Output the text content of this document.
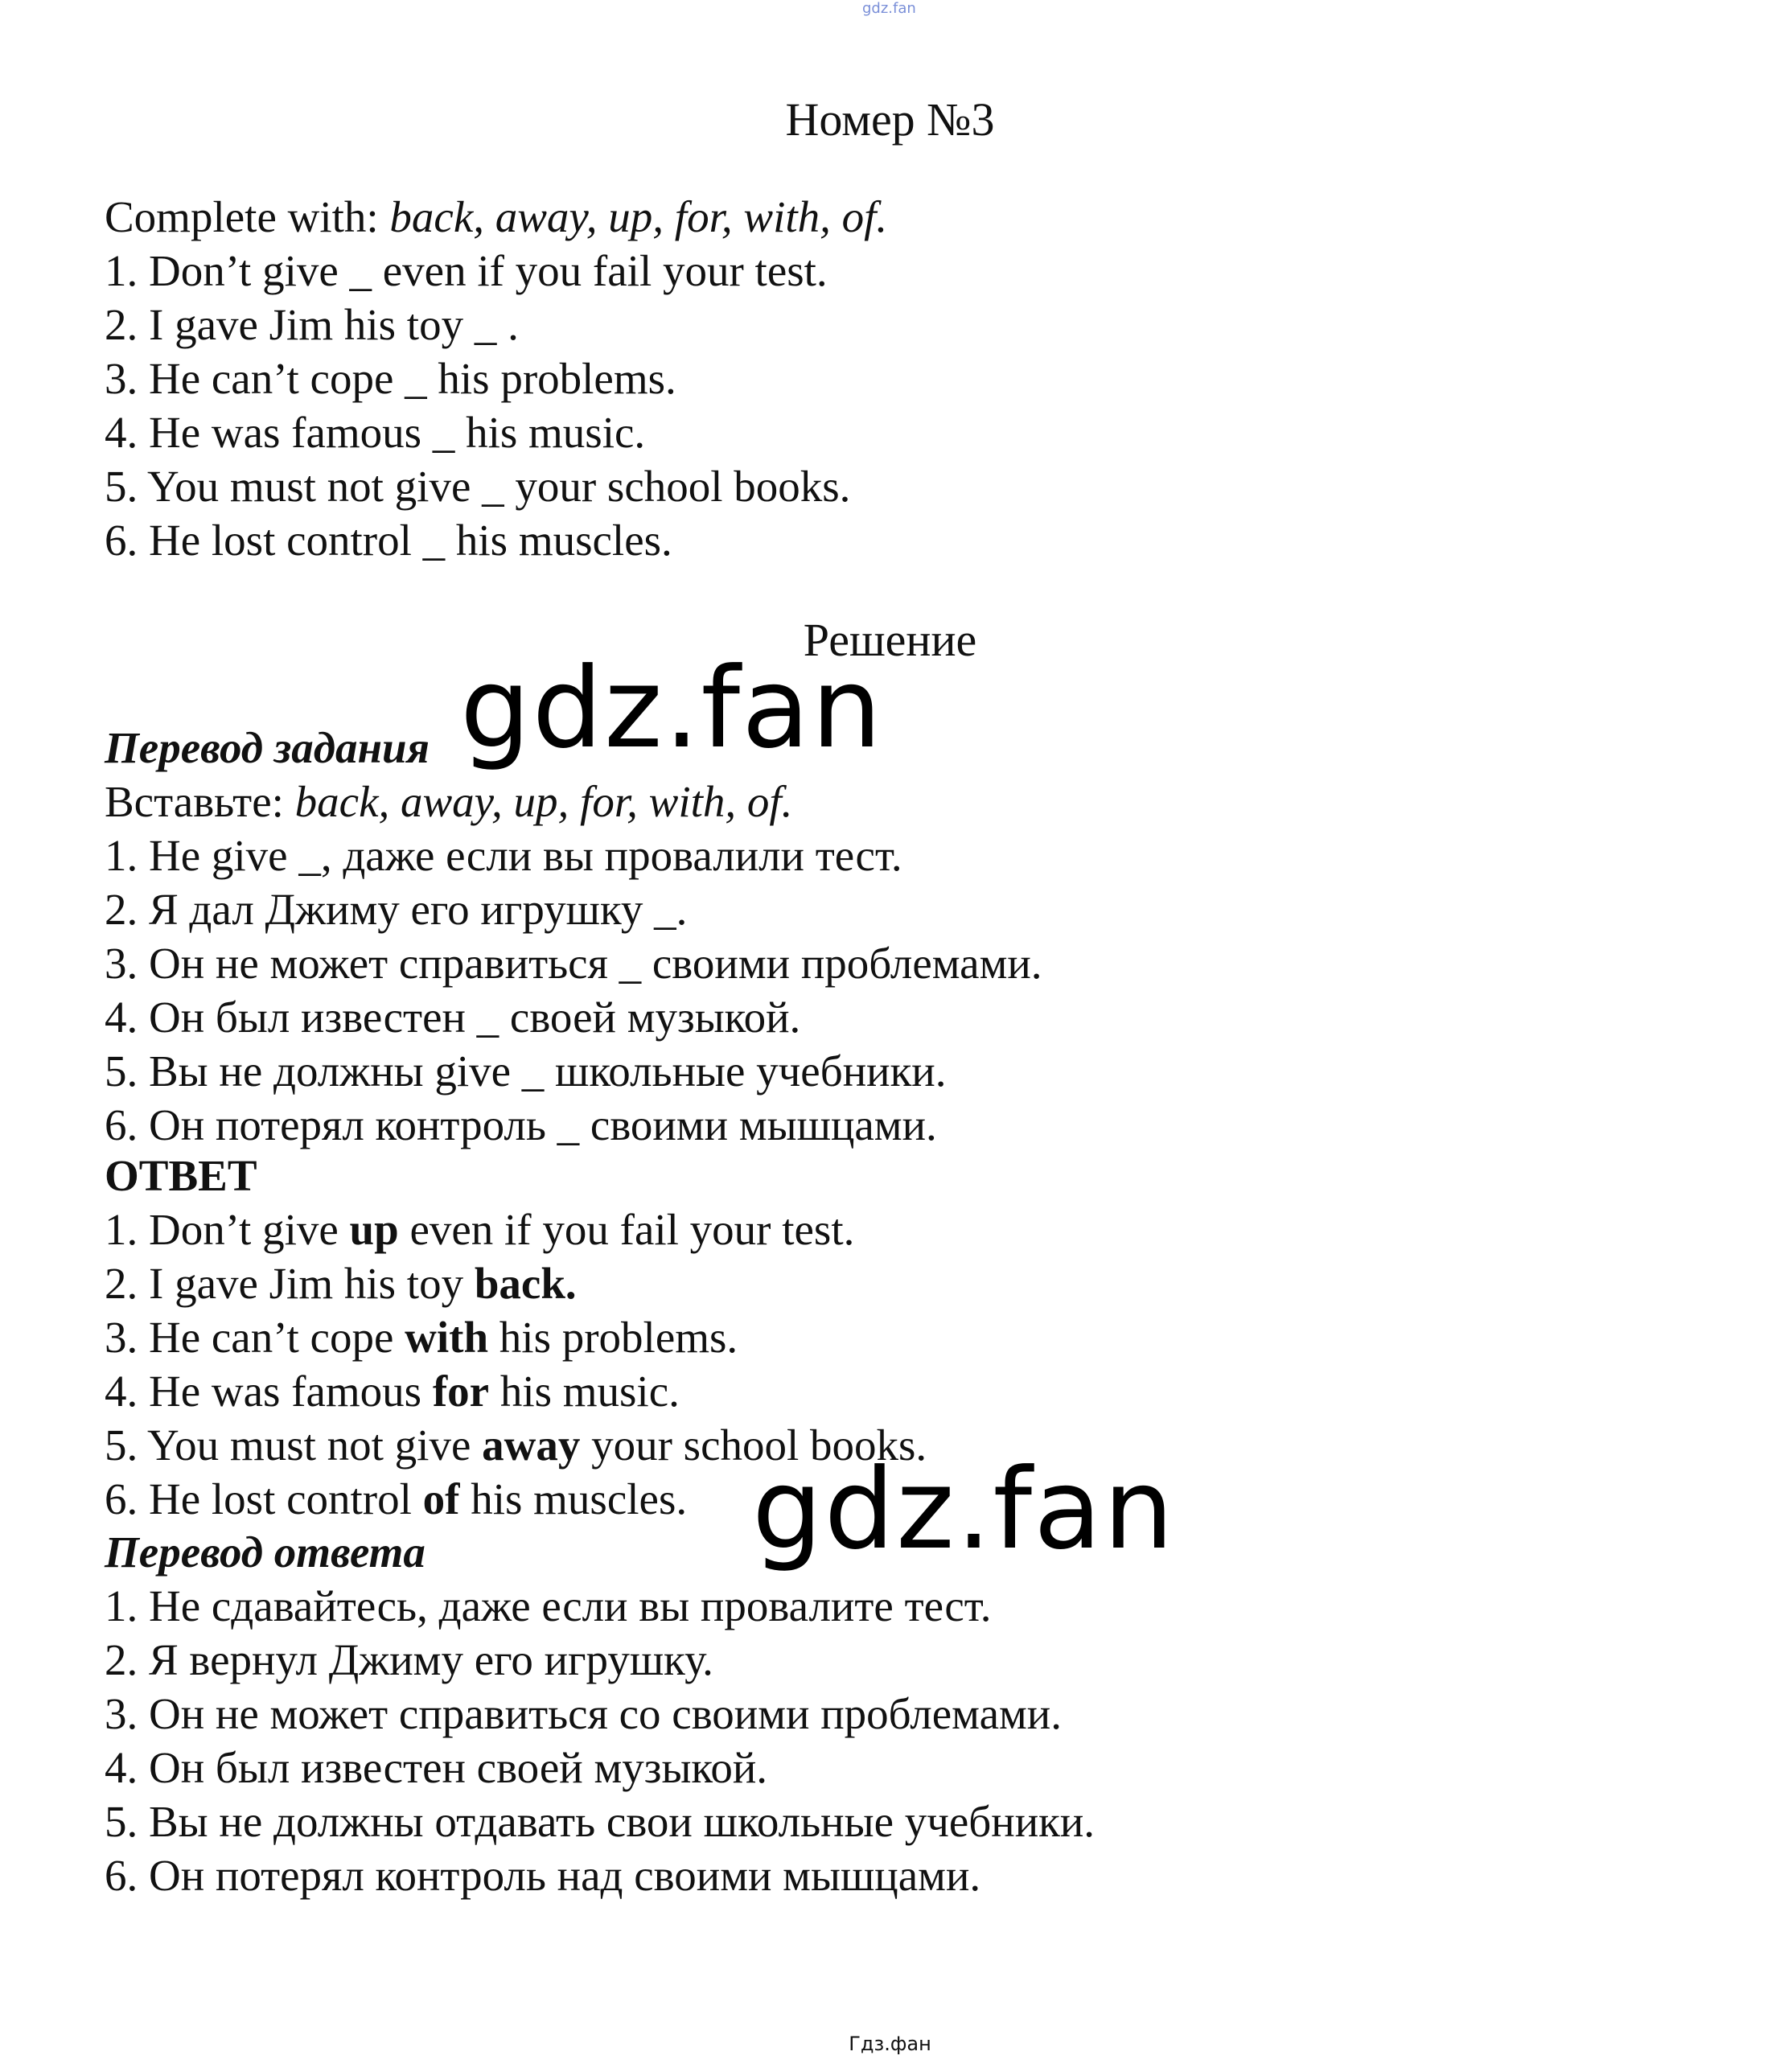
gdz.fan
Номер №3
Complete with: back, away, up, for, with, of.
1. Don’t give _ even if you fail your test.
2. I gave Jim his toy _ .
3. He can’t cope _ his problems.
4. He was famous _ his music.
5. You must not give _ your school books.
6. He lost control _ his muscles.
Решение
Перевод задания
Вставьте: back, away, up, for, with, of.
1. Не give _, даже если вы провалили тест.
2. Я дал Джиму его игрушку _.
3. Он не может справиться _ своими проблемами.
4. Он был известен _ своей музыкой.
5. Вы не должны give _ школьные учебники.
6. Он потерял контроль _ своими мышцами.
ОТВЕТ
1. Don’t give up even if you fail your test.
2. I gave Jim his toy back.
3. He can’t cope with his problems.
4. He was famous for his music.
5. You must not give away your school books.
6. He lost control of his muscles.
Перевод ответа
1. Не сдавайтесь, даже если вы провалите тест.
2. Я вернул Джиму его игрушку.
3. Он не может справиться со своими проблемами.
4. Он был известен своей музыкой.
5. Вы не должны отдавать свои школьные учебники.
6. Он потерял контроль над своими мышцами.
gdz.fan
gdz.fan
Гдз.фан
